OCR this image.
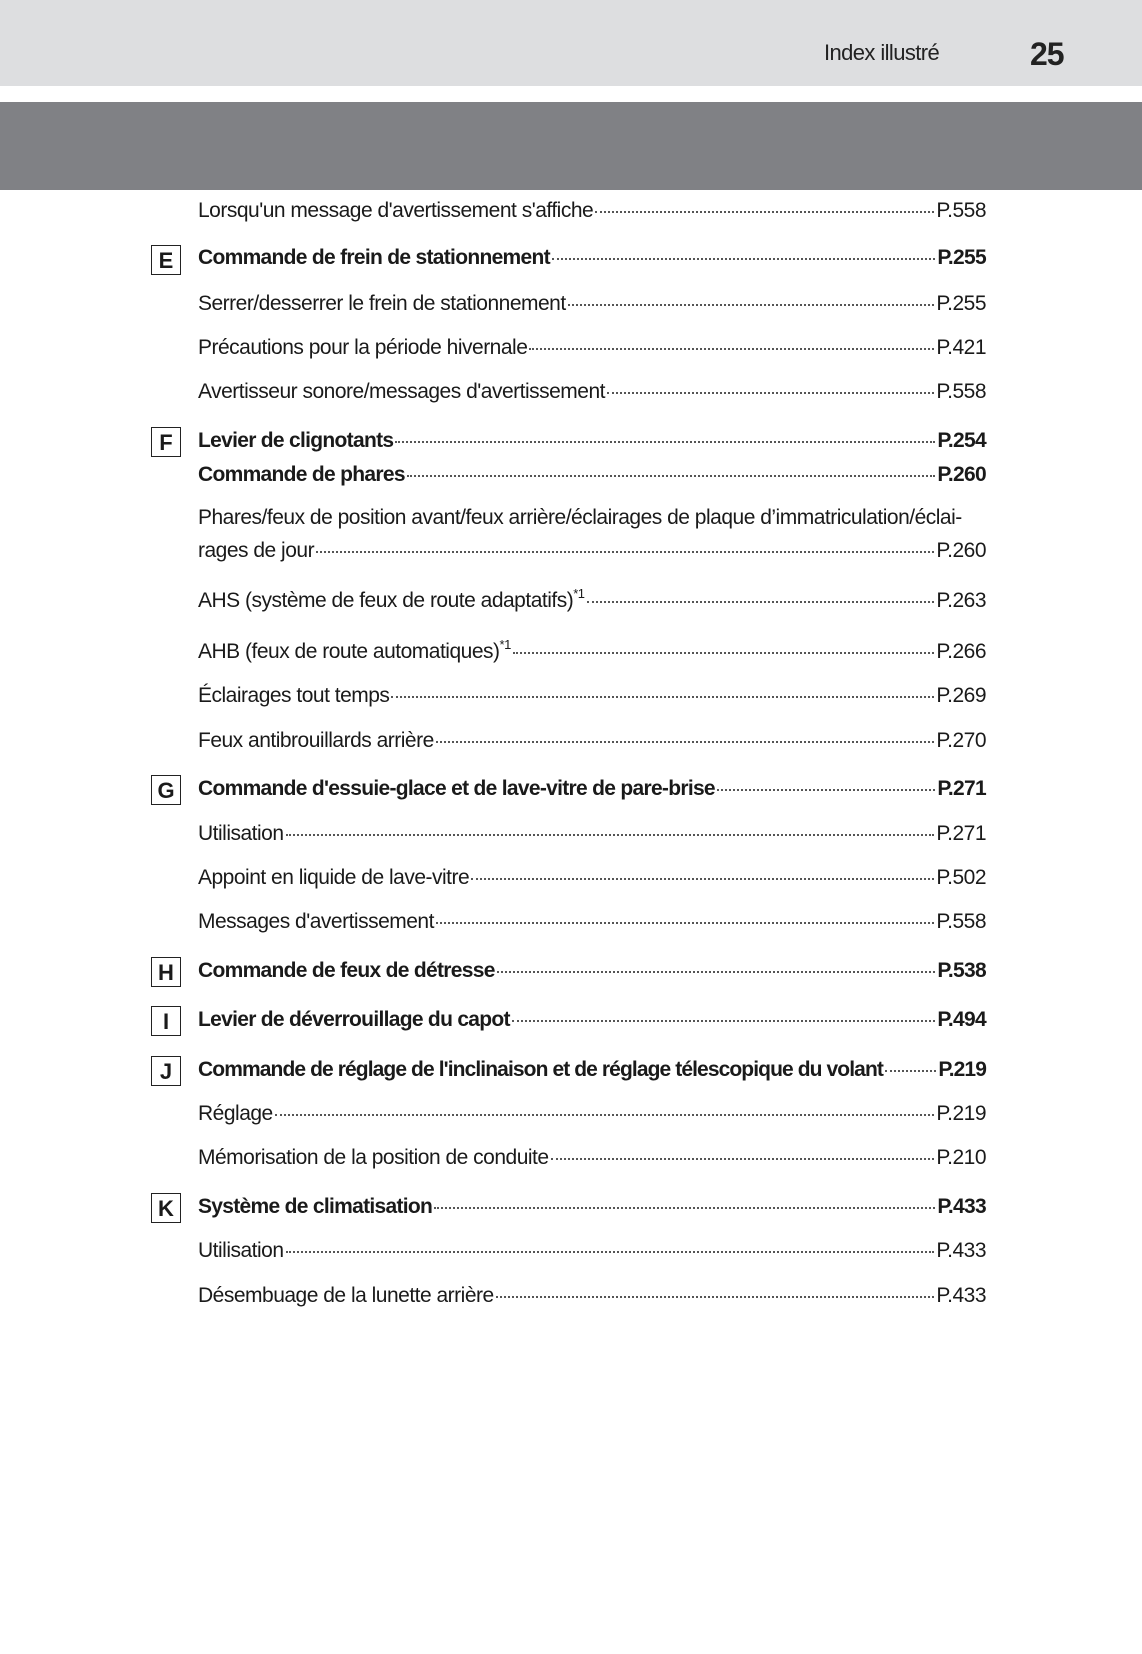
Index illustré	25
Lorsqu'un message d'avertissement s'affiche	P.558
E	Commande de frein de stationnement	P.255
Serrer/desserrer le frein de stationnement	P.255
Précautions pour la période hivernale	P.421
Avertisseur sonore/messages d'avertissement	P.558
F	Levier de clignotants	P.254
Commande de phares	P.260
Phares/feux de position avant/feux arrière/éclairages de plaque d’immatriculation/éclai-
rages de jour	P.260
AHS (système de feux de route adaptatifs)$^{*1}$	P.263
AHB (feux de route automatiques)$^{*1}$	P.266
Éclairages tout temps	P.269
Feux antibrouillards arrière	P.270
G	Commande d'essuie-glace et de lave-vitre de pare-brise	P.271
Utilisation	P.271
Appoint en liquide de lave-vitre	P.502
Messages d'avertissement	P.558
H	Commande de feux de détresse	P.538
I	Levier de déverrouillage du capot	P.494
J	Commande de réglage de l'inclinaison et de réglage télescopique du volant	P.219
Réglage	P.219
Mémorisation de la position de conduite	P.210
K	Système de climatisation	P.433
Utilisation	P.433
Désembuage de la lunette arrière	P.433
